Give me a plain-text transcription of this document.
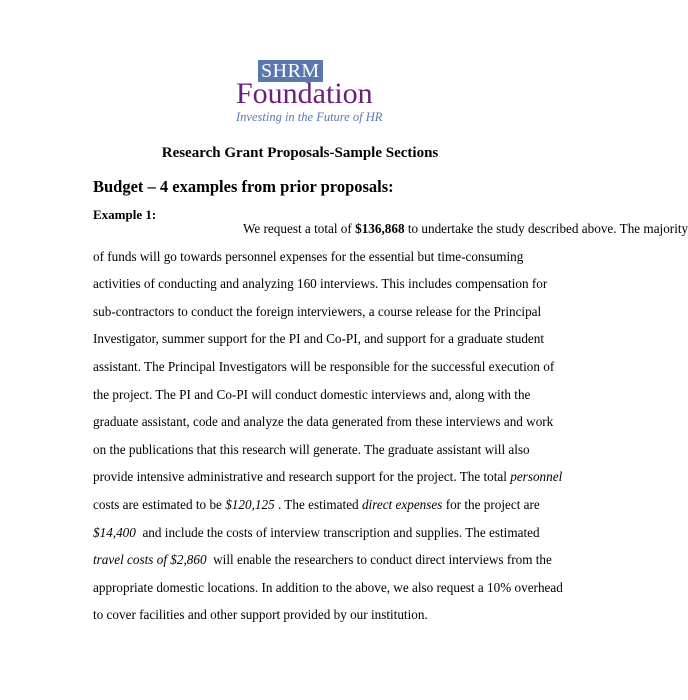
SHRM
Foundation
Investing in the Future of HR
Research Grant Proposals-Sample Sections
Budget – 4 examples from prior proposals:
Example 1:
We request a total of $136,868 to undertake the study described above. The majority
of funds will go towards personnel expenses for the essential but time-consuming
activities of conducting and analyzing 160 interviews. This includes compensation for
sub-contractors to conduct the foreign interviewers, a course release for the Principal
Investigator, summer support for the PI and Co-PI, and support for a graduate student
assistant. The Principal Investigators will be responsible for the successful execution of
the project. The PI and Co-PI will conduct domestic interviews and, along with the
graduate assistant, code and analyze the data generated from these interviews and work
on the publications that this research will generate. The graduate assistant will also
provide intensive administrative and research support for the project. The total personnel
costs are estimated to be $120,125 . The estimated direct expenses for the project are
$14,400  and include the costs of interview transcription and supplies. The estimated
travel costs of $2,860  will enable the researchers to conduct direct interviews from the
appropriate domestic locations. In addition to the above, we also request a 10% overhead
to cover facilities and other support provided by our institution.
